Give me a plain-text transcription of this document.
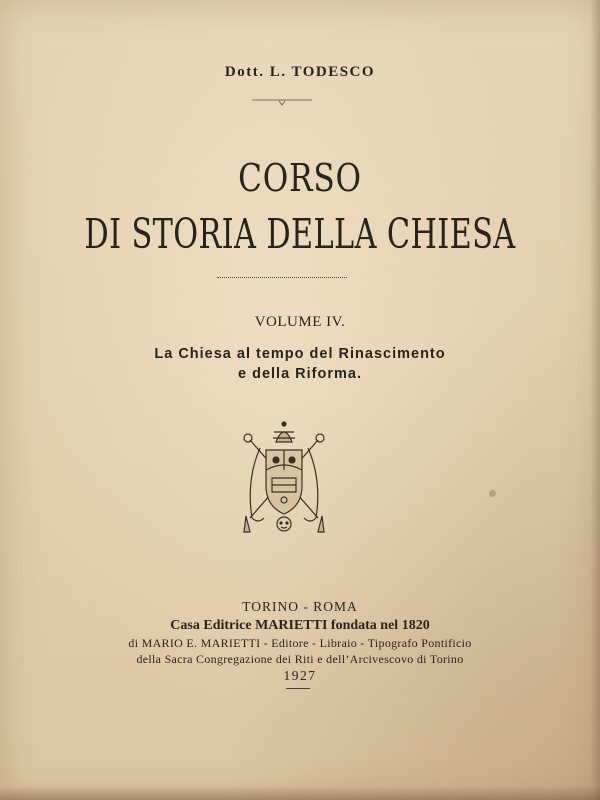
Dott. L. TODESCO
CORSO
DI STORIA DELLA CHIESA
VOLUME IV.
La Chiesa al tempo del Rinascimento
e della Riforma.
TORINO - ROMA
Casa Editrice MARIETTI fondata nel 1820
di MARIO E. MARIETTI - Editore - Libraio - Tipografo Pontificio
della Sacra Congregazione dei Riti e dell’Arcivescovo di Torino
1927
